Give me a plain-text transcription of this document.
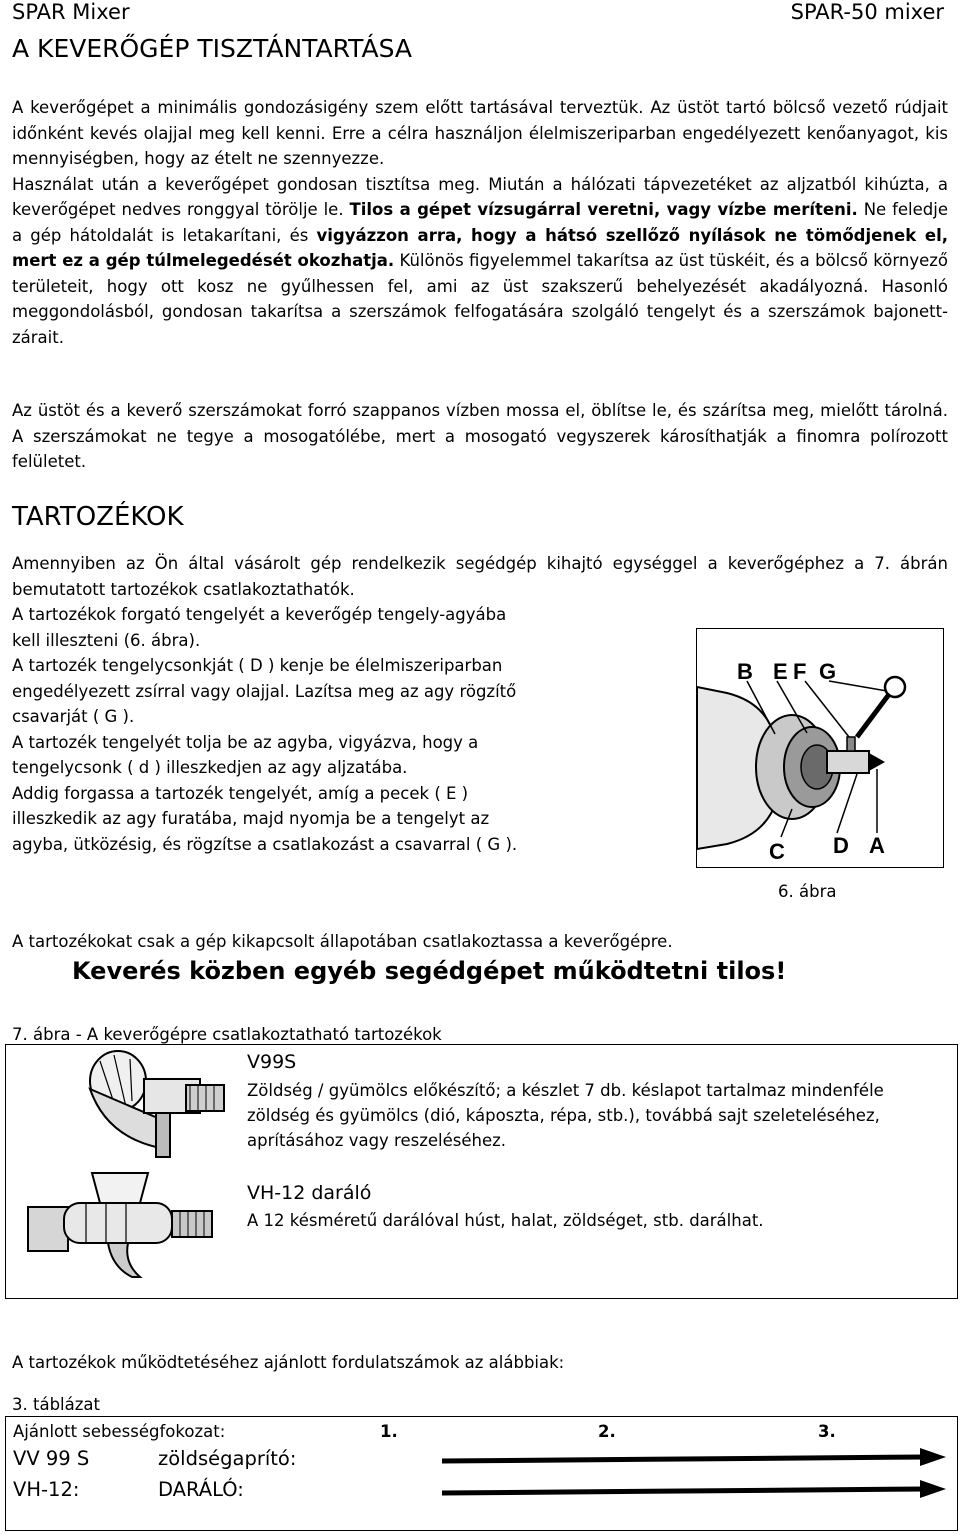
SPAR Mixer	SPAR-50 mixer
A KEVERŐGÉP TISZTÁNTARTÁSA
A keverőgépet a minimális gondozásigény szem előtt tartásával terveztük. Az üstöt tartó bölcső vezető rúdjait időnként kevés olajjal meg kell kenni. Erre a célra használjon élelmiszeriparban engedélyezett kenőanyagot, kis mennyiségben, hogy az ételt ne szennyezze.
Használat után a keverőgépet gondosan tisztítsa meg. Miután a hálózati tápvezetéket az aljzatból kihúzta, a keverőgépet nedves ronggyal törölje le. Tilos a gépet vízsugárral veretni, vagy vízbe meríteni. Ne feledje a gép hátoldalát is letakarítani, és vigyázzon arra, hogy a hátsó szellőző nyílások ne tömődjenek el, mert ez a gép túlmelegedését okozhatja. Különös figyelemmel takarítsa az üst tüskéit, és a bölcső környező területeit, hogy ott kosz ne gyűlhessen fel, ami az üst szakszerű behelyezését akadályozná. Hasonló meggondolásból, gondosan takarítsa a szerszámok felfogatására szolgáló tengelyt és a szerszámok bajonett-zárait.
Az üstöt és a keverő szerszámokat forró szappanos vízben mossa el, öblítse le, és szárítsa meg, mielőtt tárolná. A szerszámokat ne tegye a mosogatólébe, mert a mosogató vegyszerek károsíthatják a finomra polírozott felületet.
TARTOZÉKOK
Amennyiben az Ön által vásárolt gép rendelkezik segédgép kihajtó egységgel a keverőgéphez a 7. ábrán bemutatott tartozékok csatlakoztathatók.
A tartozékok forgató tengelyét a keverőgép tengely-agyába
kell illeszteni (6. ábra).
A tartozék tengelycsonkját ( D ) kenje be élelmiszeriparban
engedélyezett zsírral vagy olajjal. Lazítsa meg az agy rögzítő
csavarját ( G ).
A tartozék tengelyét tolja be az agyba, vigyázva, hogy a
tengelycsonk ( d ) illeszkedjen az agy aljzatába.
Addig forgassa a tartozék tengelyét, amíg a pecek ( E )
illeszkedik az agy furatába, majd nyomja be a tengelyt az
agyba, ütközésig, és rögzítse a csatlakozást a csavarral ( G ).
B E F G
C D A
6. ábra
A tartozékokat csak a gép kikapcsolt állapotában csatlakoztassa a keverőgépre.
Keverés közben egyéb segédgépet működtetni tilos!
7. ábra - A keverőgépre csatlakoztatható tartozékok
V99S
Zöldség / gyümölcs előkészítő; a készlet 7 db. késlapot tartalmaz mindenféle zöldség és gyümölcs (dió, káposzta, répa, stb.), továbbá sajt szeleteléséhez, aprításához vagy reszeléséhez.
VH-12 daráló
A 12 késméretű darálóval húst, halat, zöldséget, stb. darálhat.
A tartozékok működtetéséhez ajánlott fordulatszámok az alábbiak:
3. táblázat
Ajánlott sebességfokozat:	1.	2.	3.
VV 99 S	zöldségaprító:
VH-12:	DARÁLÓ:
